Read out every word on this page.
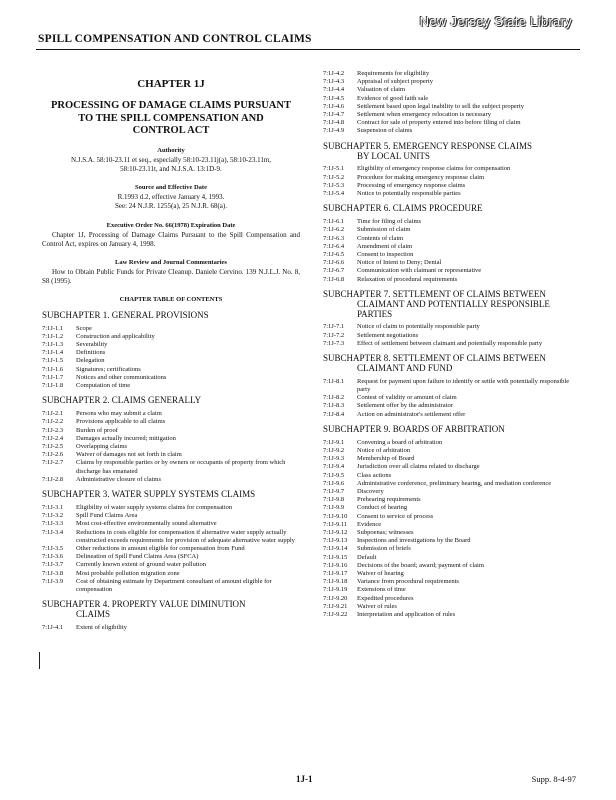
New Jersey State Library
SPILL COMPENSATION AND CONTROL CLAIMS
CHAPTER 1J
PROCESSING OF DAMAGE CLAIMS PURSUANT
TO THE SPILL COMPENSATION AND
CONTROL ACT
Authority
N.J.S.A. 58:10-23.11 et seq., especially 58:10-23.11j(a), 58:10-23.11m,
58:10-23.11t, and N.J.S.A. 13:1D-9.
Source and Effective Date
R.1993 d.2, effective January 4, 1993.
See: 24 N.J.R. 1255(a), 25 N.J.R. 68(a).
Executive Order No. 66(1978) Expiration Date
Chapter 1J, Processing of Damage Claims Pursuant to the Spill Compensation and Control Act, expires on January 4, 1998.
Law Review and Journal Commentaries
How to Obtain Public Funds for Private Cleanup. Daniele Cervino. 139 N.J.L.J. No. 8, S8 (1995).
CHAPTER TABLE OF CONTENTS
SUBCHAPTER 1. GENERAL PROVISIONS
7:1J-1.1	Scope
7:1J-1.2	Construction and applicability
7:1J-1.3	Severability
7:1J-1.4	Definitions
7:1J-1.5	Delegation
7:1J-1.6	Signatures; certifications
7:1J-1.7	Notices and other communications
7:1J-1.8	Computation of time
SUBCHAPTER 2. CLAIMS GENERALLY
7:1J-2.1	Persons who may submit a claim
7:1J-2.2	Provisions applicable to all claims
7:1J-2.3	Burden of proof
7:1J-2.4	Damages actually incurred; mitigation
7:1J-2.5	Overlapping claims
7:1J-2.6	Waiver of damages not set forth in claim
7:1J-2.7	Claims by responsible parties or by owners or occupants of property from which discharge has emanated
7:1J-2.8	Administrative closure of claims
SUBCHAPTER 3. WATER SUPPLY SYSTEMS CLAIMS
7:1J-3.1	Eligibility of water supply systems claims for compensation
7:1J-3.2	Spill Fund Claims Area
7:1J-3.3	Most cost-effective environmentally sound alternative
7:1J-3.4	Reductions in costs eligible for compensation if alternative water supply actually constructed exceeds requirements for provision of adequate alternative water supply
7:1J-3.5	Other reductions in amount eligible for compensation from Fund
7:1J-3.6	Delineation of Spill Fund Claims Area (SFCA)
7:1J-3.7	Currently known extent of ground water pollution
7:1J-3.8	Most probable pollution migration zone
7:1J-3.9	Cost of obtaining estimate by Department consultant of amount eligible for compensation
SUBCHAPTER 4. PROPERTY VALUE DIMINUTION
CLAIMS
7:1J-4.1	Extent of eligibility
7:1J-4.2	Requirements for eligibility
7:1J-4.3	Appraisal of subject property
7:1J-4.4	Valuation of claim
7:1J-4.5	Evidence of good faith sale
7:1J-4.6	Settlement based upon legal inability to sell the subject property
7:1J-4.7	Settlement when emergency relocation is necessary
7:1J-4.8	Contract for sale of property entered into before filing of claim
7:1J-4.9	Suspension of claims
SUBCHAPTER 5. EMERGENCY RESPONSE CLAIMS
BY LOCAL UNITS
7:1J-5.1	Eligibility of emergency response claims for compensation
7:1J-5.2	Procedure for making emergency response claim
7:1J-5.3	Processing of emergency response claims
7:1J-5.4	Notice to potentially responsible parties
SUBCHAPTER 6. CLAIMS PROCEDURE
7:1J-6.1	Time for filing of claims
7:1J-6.2	Submission of claim
7:1J-6.3	Contents of claim
7:1J-6.4	Amendment of claim
7:1J-6.5	Consent to inspection
7:1J-6.6	Notice of Intent to Deny; Denial
7:1J-6.7	Communication with claimant or representative
7:1J-6.8	Relaxation of procedural requirements
SUBCHAPTER 7. SETTLEMENT OF CLAIMS BETWEEN
CLAIMANT AND POTENTIALLY RESPONSIBLE
PARTIES
7:1J-7.1	Notice of claim to potentially responsible party
7:1J-7.2	Settlement negotiations
7:1J-7.3	Effect of settlement between claimant and potentially responsible party
SUBCHAPTER 8. SETTLEMENT OF CLAIMS BETWEEN
CLAIMANT AND FUND
7:1J-8.1	Request for payment upon failure to identify or settle with potentially responsible party
7:1J-8.2	Contest of validity or amount of claim
7:1J-8.3	Settlement offer by the administrator
7:1J-8.4	Action on administrator's settlement offer
SUBCHAPTER 9. BOARDS OF ARBITRATION
7:1J-9.1	Convening a board of arbitration
7:1J-9.2	Notice of arbitration
7:1J-9.3	Membership of Board
7:1J-9.4	Jurisdiction over all claims related to discharge
7:1J-9.5	Class actions
7:1J-9.6	Administrative conference, preliminary hearing, and mediation conference
7:1J-9.7	Discovery
7:1J-9.8	Prehearing requirements
7:1J-9.9	Conduct of hearing
7:1J-9.10	Consent to service of process
7:1J-9.11	Evidence
7:1J-9.12	Subpoenas; witnesses
7:1J-9.13	Inspections and investigations by the Board
7:1J-9.14	Submission of briefs
7:1J-9.15	Default
7:1J-9.16	Decisions of the board; award; payment of claim
7:1J-9.17	Waiver of hearing
7:1J-9.18	Variance from procedural requirements
7:1J-9.19	Extensions of time
7:1J-9.20	Expedited procedures
7:1J-9.21	Waiver of rules
7:1J-9.22	Interpretation and application of rules
1J-1	Supp. 8-4-97
